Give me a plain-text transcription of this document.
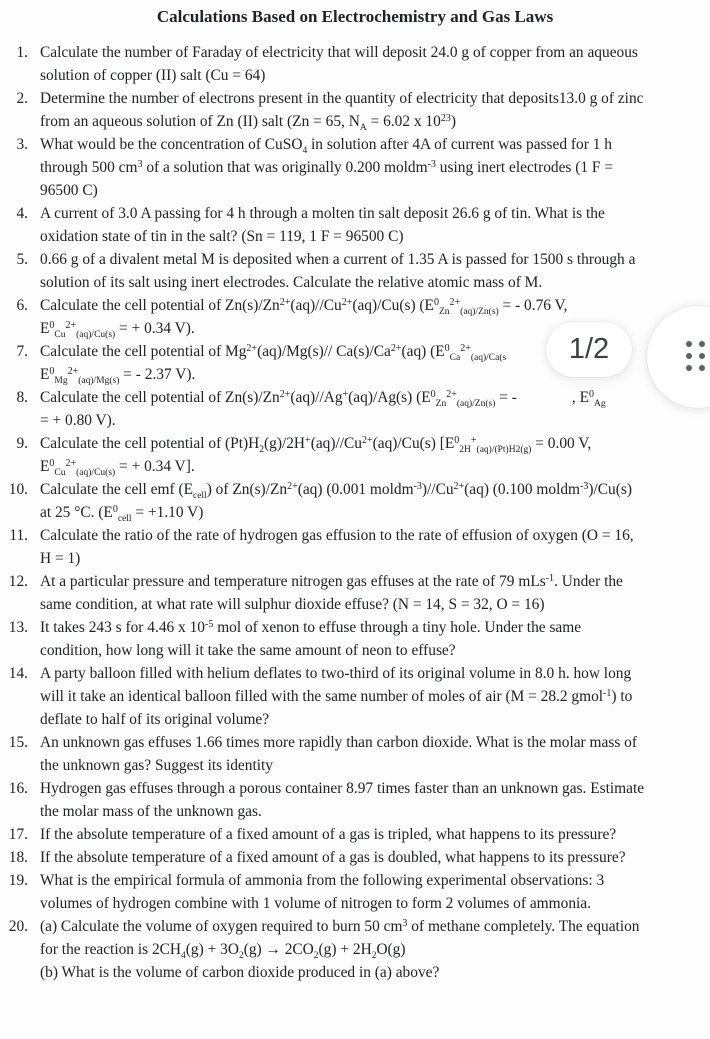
Calculations Based on Electrochemistry and Gas Laws
1. Calculate the number of Faraday of electricity that will deposit 24.0 g of copper from an aqueous
solution of copper (II) salt (Cu = 64)
2. Determine the number of electrons present in the quantity of electricity that deposits13.0 g of zinc
from an aqueous solution of Zn (II) salt (Zn = 65, $N_A = 6.02$ x $10^{23}$)
3. What would be the concentration of CuSO$_4$ in solution after 4A of current was passed for 1 h
through 500 $cm^3$ of a solution that was originally 0.200 moldm$^{-3}$ using inert electrodes (1 F =
96500 C)
4. A current of 3.0 A passing for 4 h through a molten tin salt deposit 26.6 g of tin. What is the
oxidation state of tin in the salt? (Sn = 119, 1 F = 96500 C)
5. 0.66 g of a divalent metal M is deposited when a current of 1.35 A is passed for 1500 s through a
solution of its salt using inert electrodes. Calculate the relative atomic mass of M.
6. Calculate the cell potential of $Zn(s)/Zn^{2+}(aq)//Cu^{2+}(aq)/Cu(s) (E^0_{Zn}^{2+}_{(aq)/Zn(s)}$ = - 0.76 V,
$E^0_{Cu}^{2+}_{(aq)/Cu(s)}$ = + 0.34 V).
7. Calculate the cell potential of $Mg^{2+}(aq)/Mg(s)//$ $Ca(s)/Ca^{2+}(aq)$ ($E^0_{Ca}^{2+}_{(aq)/Ca(s}$
$E^0_{Mg}^{2+}_{(aq)/Mg(s)}$ = - 2.37 V).
8. Calculate the cell potential of $Zn(s)/Zn^{2+}(aq)//Ag^+(aq)/Ag(s) (E^0_{Zn}^{2+}_{(aq)/Zn(s)}$ = -	, $E^0_{Ag}$
= + 0.80 V).
9. Calculate the cell potential of $(Pt)H_2(g)/2H^+(aq)//Cu^{2+}(aq)/Cu(s) [E^0_{2H}^+_{(aq)/(Pt)H2(g)} = 0.00$ V,
$E^0_{Cu}^{2+}_{(aq)/Cu(s)}$ = + 0.34 V].
10. Calculate the cell emf $(E_{cell})$ of $Zn(s)/Zn^{2+}(aq)$ (0.001 $moldm^{-3})//Cu^{2+}(aq)$ (0.100 moldm$^{-3}$)/Cu(s)
at 25 °C. ($E^0_{cell} = +1.10$ V)
11. Calculate the ratio of the rate of hydrogen gas effusion to the rate of effusion of oxygen (O = 16,
H = 1)
12. At a particular pressure and temperature nitrogen gas effuses at the rate of 79 mLs$^{-1}$. Under the
same condition, at what rate will sulphur dioxide effuse? (N = 14, S = 32, O = 16)
13. It takes 243 s for 4.46 x $10^{-5}$ mol of xenon to effuse through a tiny hole. Under the same
condition, how long will it take the same amount of neon to effuse?
14. A party balloon filled with helium deflates to two-third of its original volume in 8.0 h. how long
will it take an identical balloon filled with the same number of moles of air (M = 28.2 gmol$^{-1}$) to
deflate to half of its original volume?
15. An unknown gas effuses 1.66 times more rapidly than carbon dioxide. What is the molar mass of
the unknown gas? Suggest its identity
16. Hydrogen gas effuses through a porous container 8.97 times faster than an unknown gas. Estimate
the molar mass of the unknown gas.
17. If the absolute temperature of a fixed amount of a gas is tripled, what happens to its pressure?
18. If the absolute temperature of a fixed amount of a gas is doubled, what happens to its pressure?
19. What is the empirical formula of ammonia from the following experimental observations: 3
volumes of hydrogen combine with 1 volume of nitrogen to form 2 volumes of ammonia.
20. (a) Calculate the volume of oxygen required to burn 50 $cm^3$ of methane completely. The equation
for the reaction is $2CH_4(g) + 3O_2(g) \to 2CO_2(g) + 2H_2O(g)$
(b) What is the volume of carbon dioxide produced in (a) above?
1/2
